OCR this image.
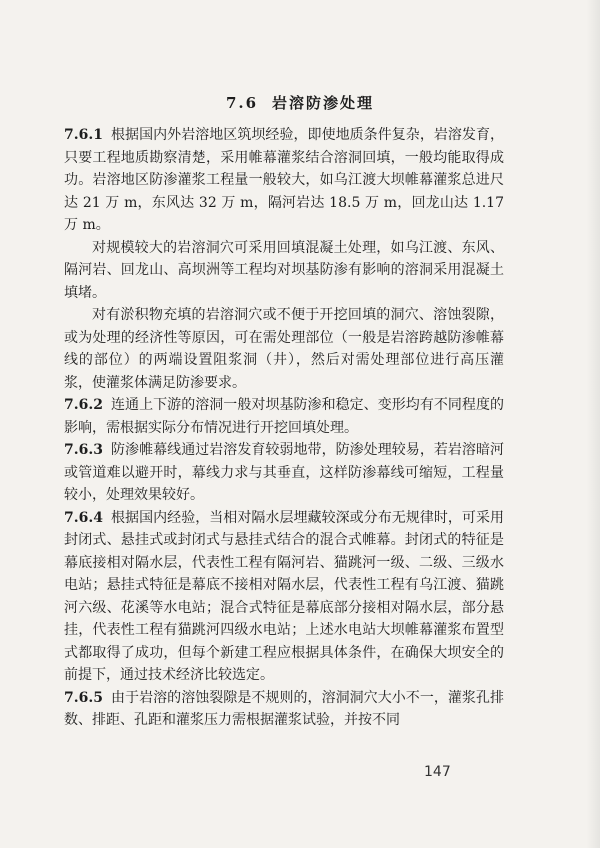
7.6 岩溶防渗处理

7.6.1 根据国内外岩溶地区筑坝经验，即使地质条件复杂，岩溶发育，只要工程地质勘察清楚，采用帷幕灌浆结合溶洞回填，一般均能取得成功。岩溶地区防渗灌浆工程量一般较大，如乌江渡大坝帷幕灌浆总进尺达 21 万 m，东风达 32 万 m，隔河岩达 18.5 万 m，回龙山达 1.17 万 m。

对规模较大的岩溶洞穴可采用回填混凝土处理，如乌江渡、东风、隔河岩、回龙山、高坝洲等工程均对坝基防渗有影响的溶洞采用混凝土填堵。

对有淤积物充填的岩溶洞穴或不便于开挖回填的洞穴、溶蚀裂隙，或为处理的经济性等原因，可在需处理部位（一般是岩溶跨越防渗帷幕线的部位）的两端设置阻浆洞（井），然后对需处理部位进行高压灌浆，使灌浆体满足防渗要求。

7.6.2 连通上下游的溶洞一般对坝基防渗和稳定、变形均有不同程度的影响，需根据实际分布情况进行开挖回填处理。

7.6.3 防渗帷幕线通过岩溶发育较弱地带，防渗处理较易，若岩溶暗河或管道难以避开时，幕线力求与其垂直，这样防渗幕线可缩短，工程量较小，处理效果较好。

7.6.4 根据国内经验，当相对隔水层埋藏较深或分布无规律时，可采用封闭式、悬挂式或封闭式与悬挂式结合的混合式帷幕。封闭式的特征是幕底接相对隔水层，代表性工程有隔河岩、猫跳河一级、二级、三级水电站；悬挂式特征是幕底不接相对隔水层，代表性工程有乌江渡、猫跳河六级、花溪等水电站；混合式特征是幕底部分接相对隔水层，部分悬挂，代表性工程有猫跳河四级水电站；上述水电站大坝帷幕灌浆布置型式都取得了成功，但每个新建工程应根据具体条件，在确保大坝安全的前提下，通过技术经济比较选定。

7.6.5 由于岩溶的溶蚀裂隙是不规则的，溶洞洞穴大小不一，灌浆孔排数、排距、孔距和灌浆压力需根据灌浆试验，并按不同

147
